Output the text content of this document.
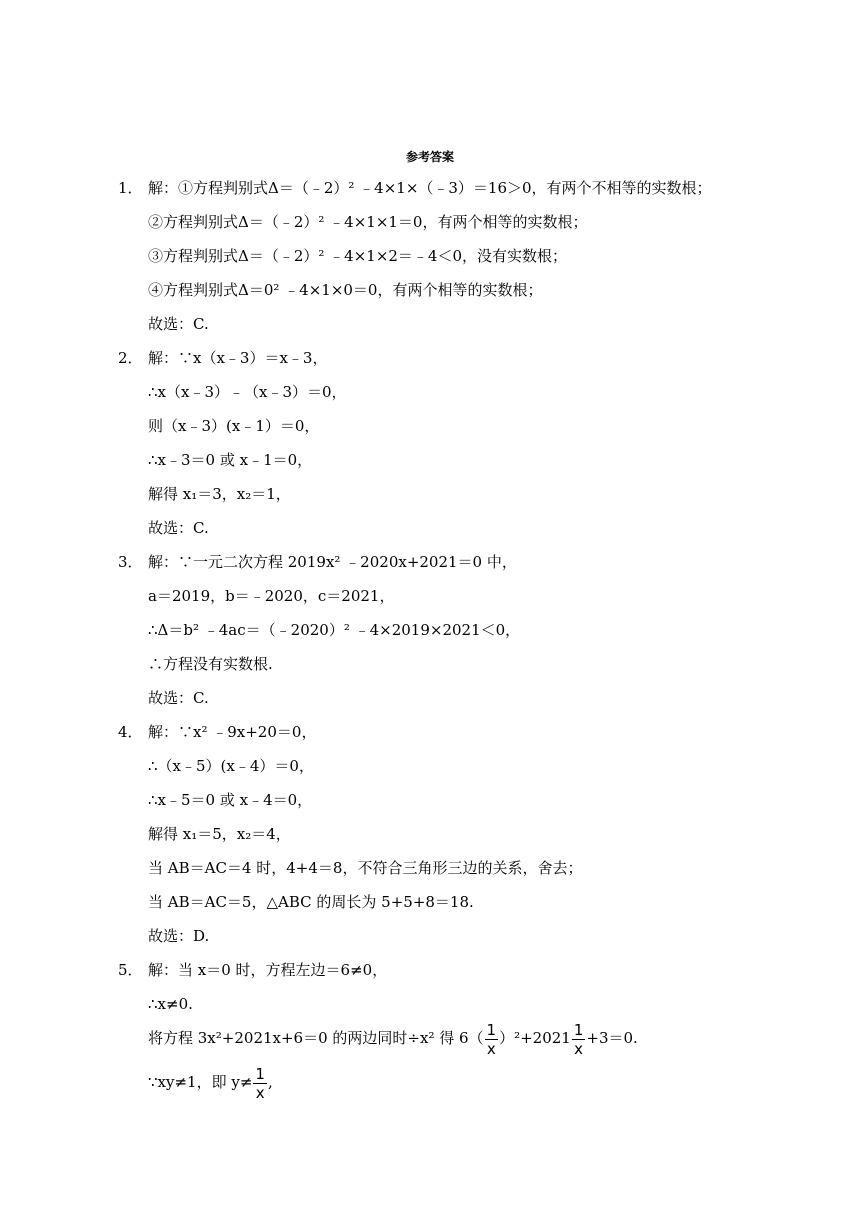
参考答案
1． 解：①方程判别式Δ＝（﹣2）² ﹣4×1×（﹣3）＝16＞0，有两个不相等的实数根；
②方程判别式Δ＝（﹣2）² ﹣4×1×1＝0，有两个相等的实数根；
③方程判别式Δ＝（﹣2）² ﹣4×1×2＝﹣4＜0，没有实数根；
④方程判别式Δ＝0² ﹣4×1×0＝0，有两个相等的实数根；
故选：C.
2． 解：∵x（x﹣3）＝x﹣3，
∴x（x﹣3）﹣（x﹣3）＝0，
则（x﹣3）(x﹣1）＝0，
∴x﹣3＝0 或 x﹣1＝0，
解得 x₁＝3，x₂＝1，
故选：C.
3． 解：∵一元二次方程 2019x² ﹣2020x+2021＝0 中，
a＝2019，b＝﹣2020，c＝2021，
∴Δ＝b² ﹣4ac＝（﹣2020）² ﹣4×2019×2021＜0，
∴方程没有实数根.
故选：C.
4． 解：∵x² ﹣9x+20＝0，
∴（x﹣5）(x﹣4）＝0，
∴x﹣5＝0 或 x﹣4＝0，
解得 x₁＝5，x₂＝4，
当 AB＝AC＝4 时，4+4＝8，不符合三角形三边的关系，舍去；
当 AB＝AC＝5，△ABC 的周长为 5+5+8＝18.
故选：D.
5． 解：当 x＝0 时，方程左边＝6≠0，
∴x≠0.
将方程 3x²+2021x+6＝0 的两边同时÷x² 得 $6( \frac{1}{x} )^2+2021 \frac{1}{x} +3=0$.
∵xy≠1，即 $y\ne \frac{1}{x}$ ,
